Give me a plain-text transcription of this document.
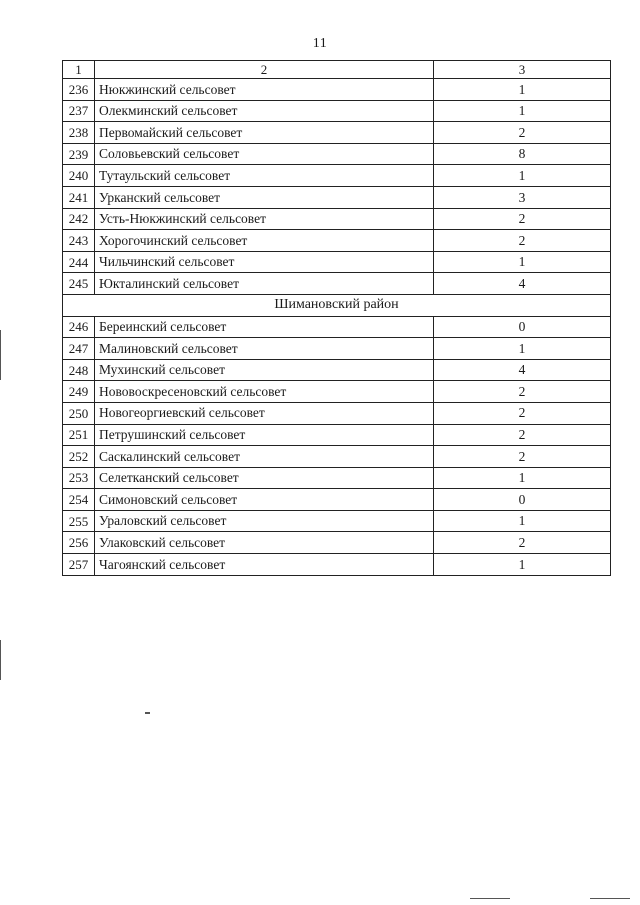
11
1	2	3
236	Нюкжинский сельсовет	1
237	Олекминский сельсовет	1
238	Первомайский сельсовет	2
239	Соловьевский сельсовет	8
240	Тутаульский сельсовет	1
241	Урканский сельсовет	3
242	Усть-Нюкжинский сельсовет	2
243	Хорогочинский сельсовет	2
244	Чильчинский сельсовет	1
245	Юкталинский сельсовет	4
Шимановский район		
246	Береинский сельсовет	0
247	Малиновский сельсовет	1
248	Мухинский сельсовет	4
249	Нововоскресеновский сельсовет	2
250	Новогеоргиевский сельсовет	2
251	Петрушинский сельсовет	2
252	Саскалинский сельсовет	2
253	Селетканский сельсовет	1
254	Симоновский сельсовет	0
255	Ураловский сельсовет	1
256	Улаковский сельсовет	2
257	Чагоянский сельсовет	1
